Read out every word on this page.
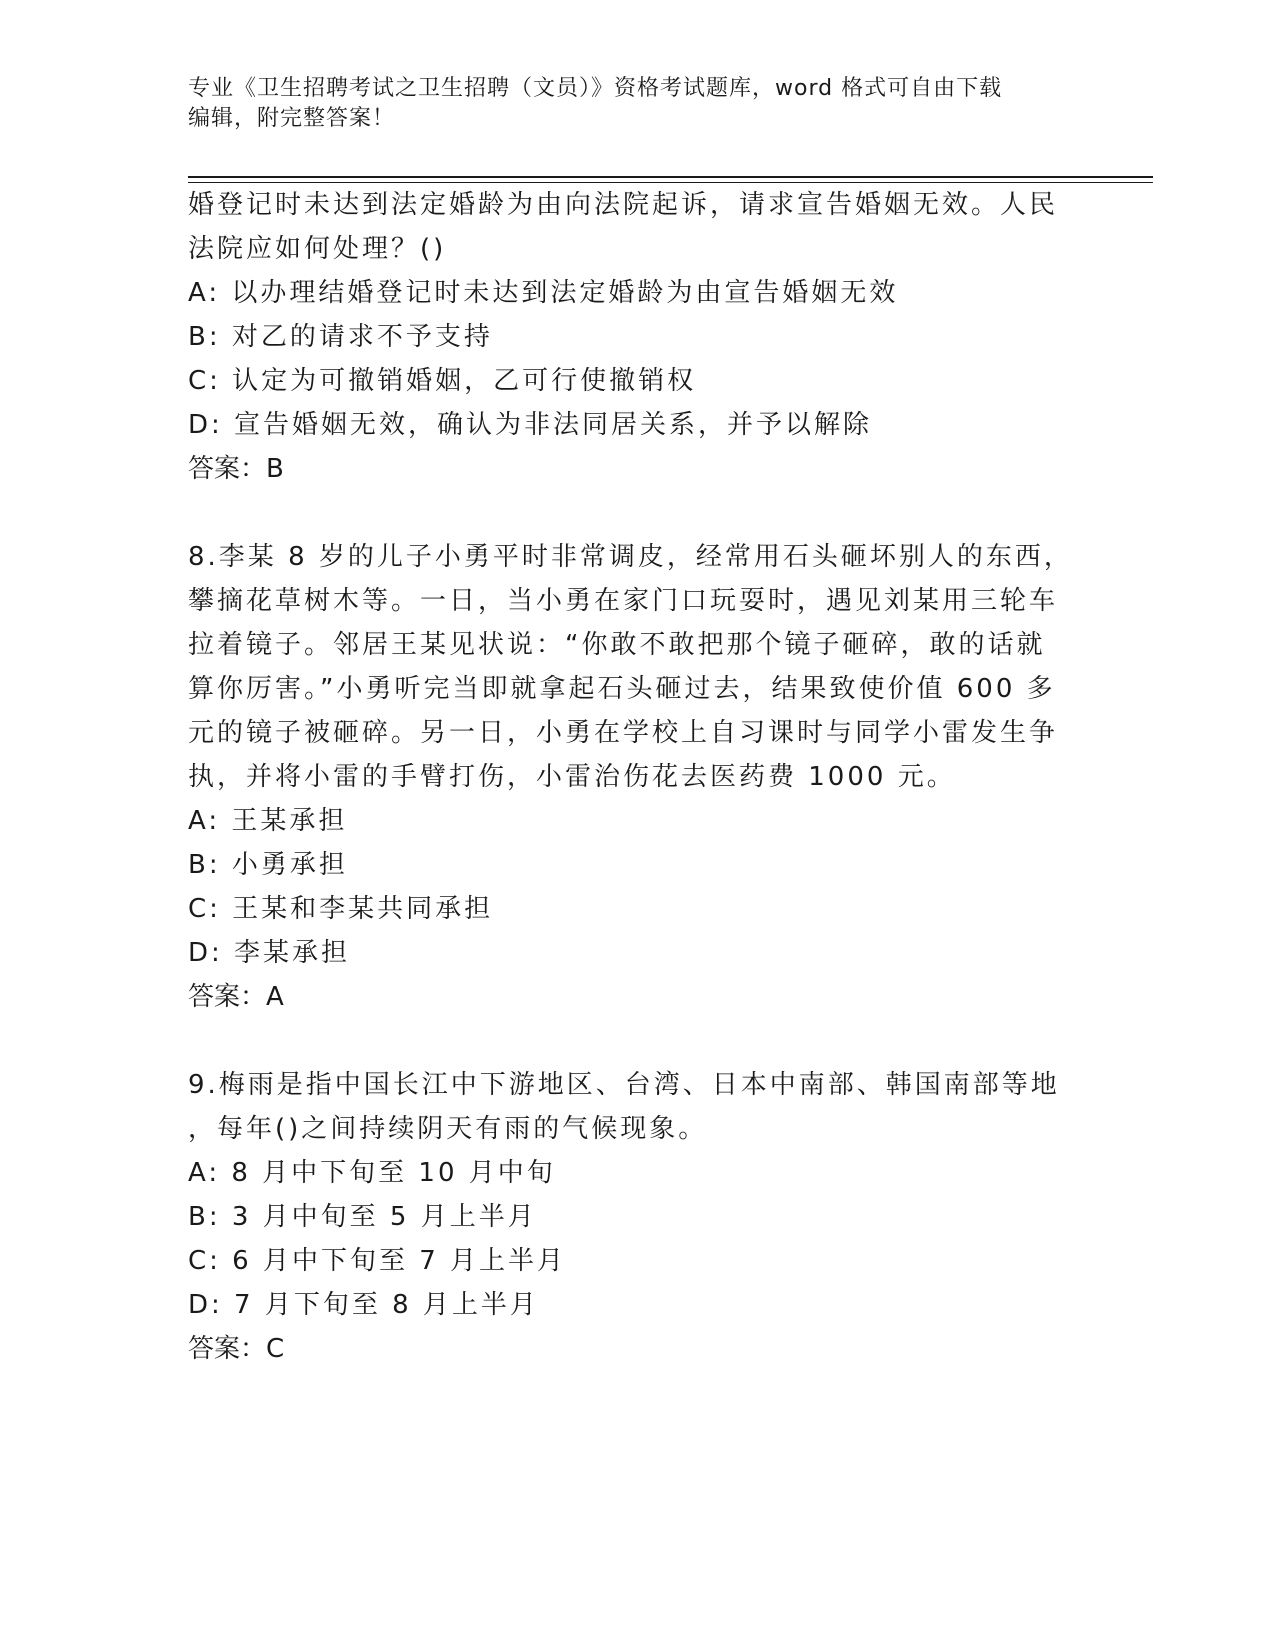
专业《卫生招聘考试之卫生招聘（文员）》资格考试题库，word 格式可自由下载
编辑，附完整答案！
婚登记时未达到法定婚龄为由向法院起诉，请求宣告婚姻无效。人民
法院应如何处理？()
A: 以办理结婚登记时未达到法定婚龄为由宣告婚姻无效
B: 对乙的请求不予支持
C: 认定为可撤销婚姻，乙可行使撤销权
D: 宣告婚姻无效，确认为非法同居关系，并予以解除
答案：B
8.李某 8 岁的儿子小勇平时非常调皮，经常用石头砸坏别人的东西，
攀摘花草树木等。一日，当小勇在家门口玩耍时，遇见刘某用三轮车
拉着镜子。邻居王某见状说：“你敢不敢把那个镜子砸碎，敢的话就
算你厉害。”小勇听完当即就拿起石头砸过去，结果致使价值 600 多
元的镜子被砸碎。另一日，小勇在学校上自习课时与同学小雷发生争
执，并将小雷的手臂打伤，小雷治伤花去医药费 1000 元。
A: 王某承担
B: 小勇承担
C: 王某和李某共同承担
D: 李某承担
答案：A
9.梅雨是指中国长江中下游地区、台湾、日本中南部、韩国南部等地
，每年()之间持续阴天有雨的气候现象。
A: 8 月中下旬至 10 月中旬
B: 3 月中旬至 5 月上半月
C: 6 月中下旬至 7 月上半月
D: 7 月下旬至 8 月上半月
答案：C
